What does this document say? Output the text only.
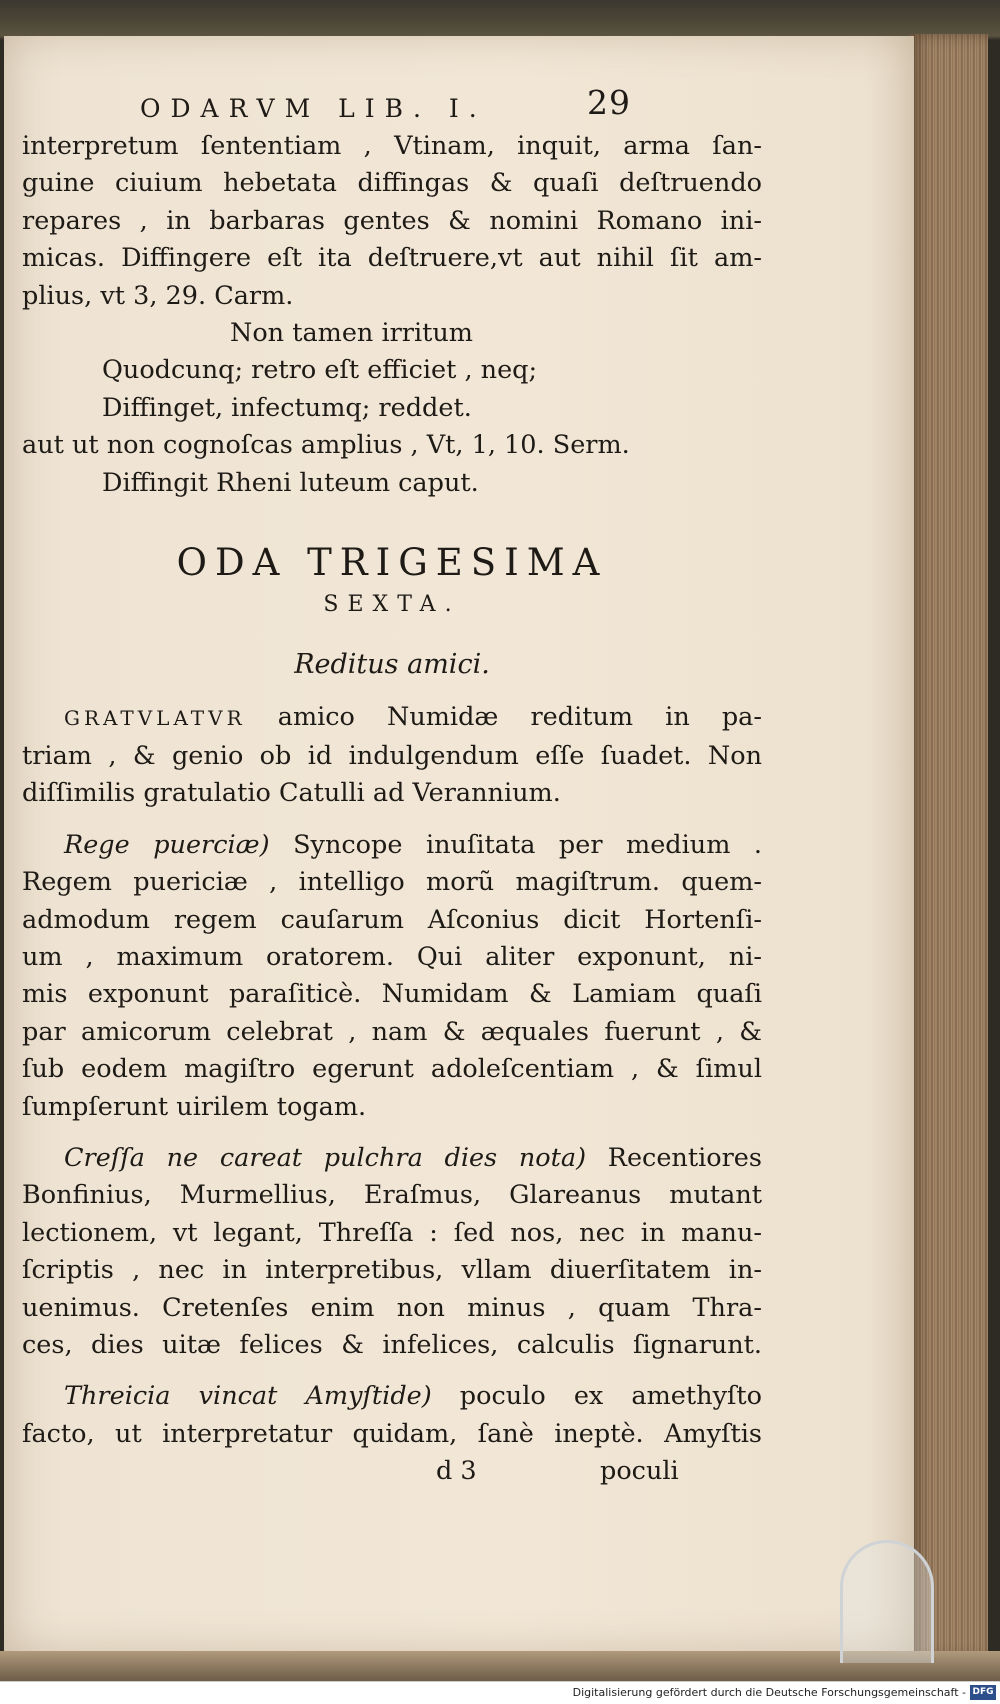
ODARVM LIB. I.	29
interpretum ſententiam , Vtinam, inquit, arma ſan-
guine ciuium hebetata diffingas & quaſi deſtruendo
repares , in barbaras gentes & nomini Romano ini-
micas. Diffingere eſt ita deſtruere,vt aut nihil ſit am-
plius, vt 3, 29. Carm.
Non tamen irritum
Quodcunq; retro eſt efficiet , neq;
Diffinget, infectumq; reddet.
aut ut non cognoſcas amplius , Vt, 1, 10. Serm.
Diffingit Rheni luteum caput.
ODA TRIGESIMA
SEXTA.
Reditus amici.
GRATVLATVR amico Numidæ reditum in pa-
triam , & genio ob id indulgendum eſſe ſuadet. Non
diſſimilis gratulatio Catulli ad Verannium.
Rege puerciæ) Syncope inuſitata per medium .
Regem puericiæ , intelligo morũ magiſtrum. quem-
admodum regem cauſarum Aſconius dicit Hortenſi-
um , maximum oratorem. Qui aliter exponunt, ni-
mis exponunt paraſiticè. Numidam & Lamiam quaſi
par amicorum celebrat , nam & æquales fuerunt , &
ſub eodem magiſtro egerunt adoleſcentiam , & ſimul
ſumpſerunt uirilem togam.
Creſſa ne careat pulchra dies nota) Recentiores
Bonfinius, Murmellius, Eraſmus, Glareanus mutant
lectionem, vt legant, Threſſa : ſed nos, nec in manu-
ſcriptis , nec in interpretibus, vllam diuerſitatem in-
uenimus. Cretenſes enim non minus , quam Thra-
ces, dies uitæ felices & infelices, calculis ſignarunt.
Threicia vincat Amyſtide) poculo ex amethyſto
facto, ut interpretatur quidam, ſanè ineptè. Amyſtis
d 3	poculi
Digitalisierung gefördert durch die Deutsche Forschungsgemeinschaft - DFG
